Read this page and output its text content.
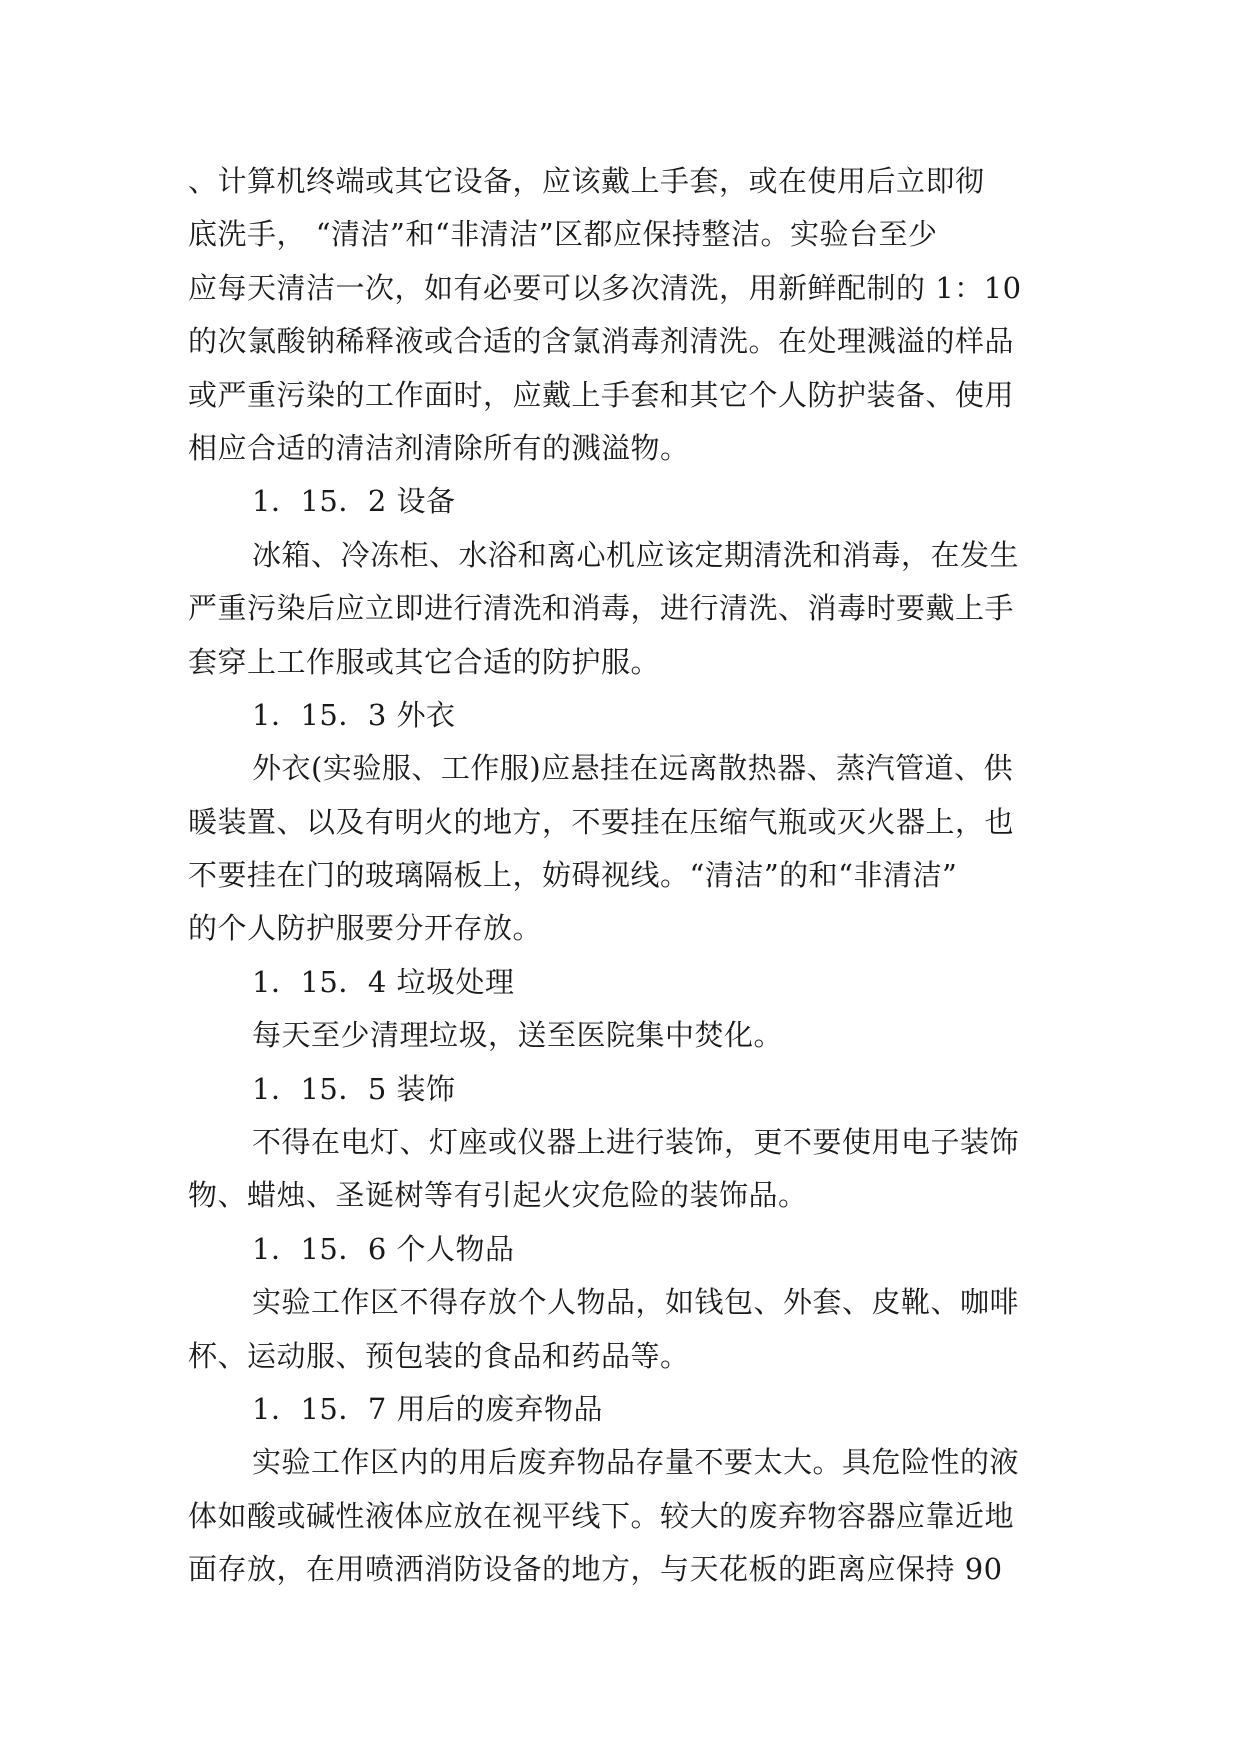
、计算机终端或其它设备，应该戴上手套，或在使用后立即彻
底洗手， “清洁”和“非清洁”区都应保持整洁。实验台至少
应每天清洁一次，如有必要可以多次清洗，用新鲜配制的 1：10
的次氯酸钠稀释液或合适的含氯消毒剂清洗。在处理溅溢的样品
或严重污染的工作面时，应戴上手套和其它个人防护装备、使用
相应合适的清洁剂清除所有的溅溢物。
1．15．2 设备
冰箱、冷冻柜、水浴和离心机应该定期清洗和消毒，在发生
严重污染后应立即进行清洗和消毒，进行清洗、消毒时要戴上手
套穿上工作服或其它合适的防护服。
1．15．3 外衣
外衣(实验服、工作服)应悬挂在远离散热器、蒸汽管道、供
暖装置、以及有明火的地方，不要挂在压缩气瓶或灭火器上，也
不要挂在门的玻璃隔板上，妨碍视线。“清洁”的和“非清洁”
的个人防护服要分开存放。
1．15．4 垃圾处理
每天至少清理垃圾，送至医院集中焚化。
1．15．5 装饰
不得在电灯、灯座或仪器上进行装饰，更不要使用电子装饰
物、蜡烛、圣诞树等有引起火灾危险的装饰品。
1．15．6 个人物品
实验工作区不得存放个人物品，如钱包、外套、皮靴、咖啡
杯、运动服、预包装的食品和药品等。
1．15．7 用后的废弃物品
实验工作区内的用后废弃物品存量不要太大。具危险性的液
体如酸或碱性液体应放在视平线下。较大的废弃物容器应靠近地
面存放，在用喷洒消防设备的地方，与天花板的距离应保持 90
